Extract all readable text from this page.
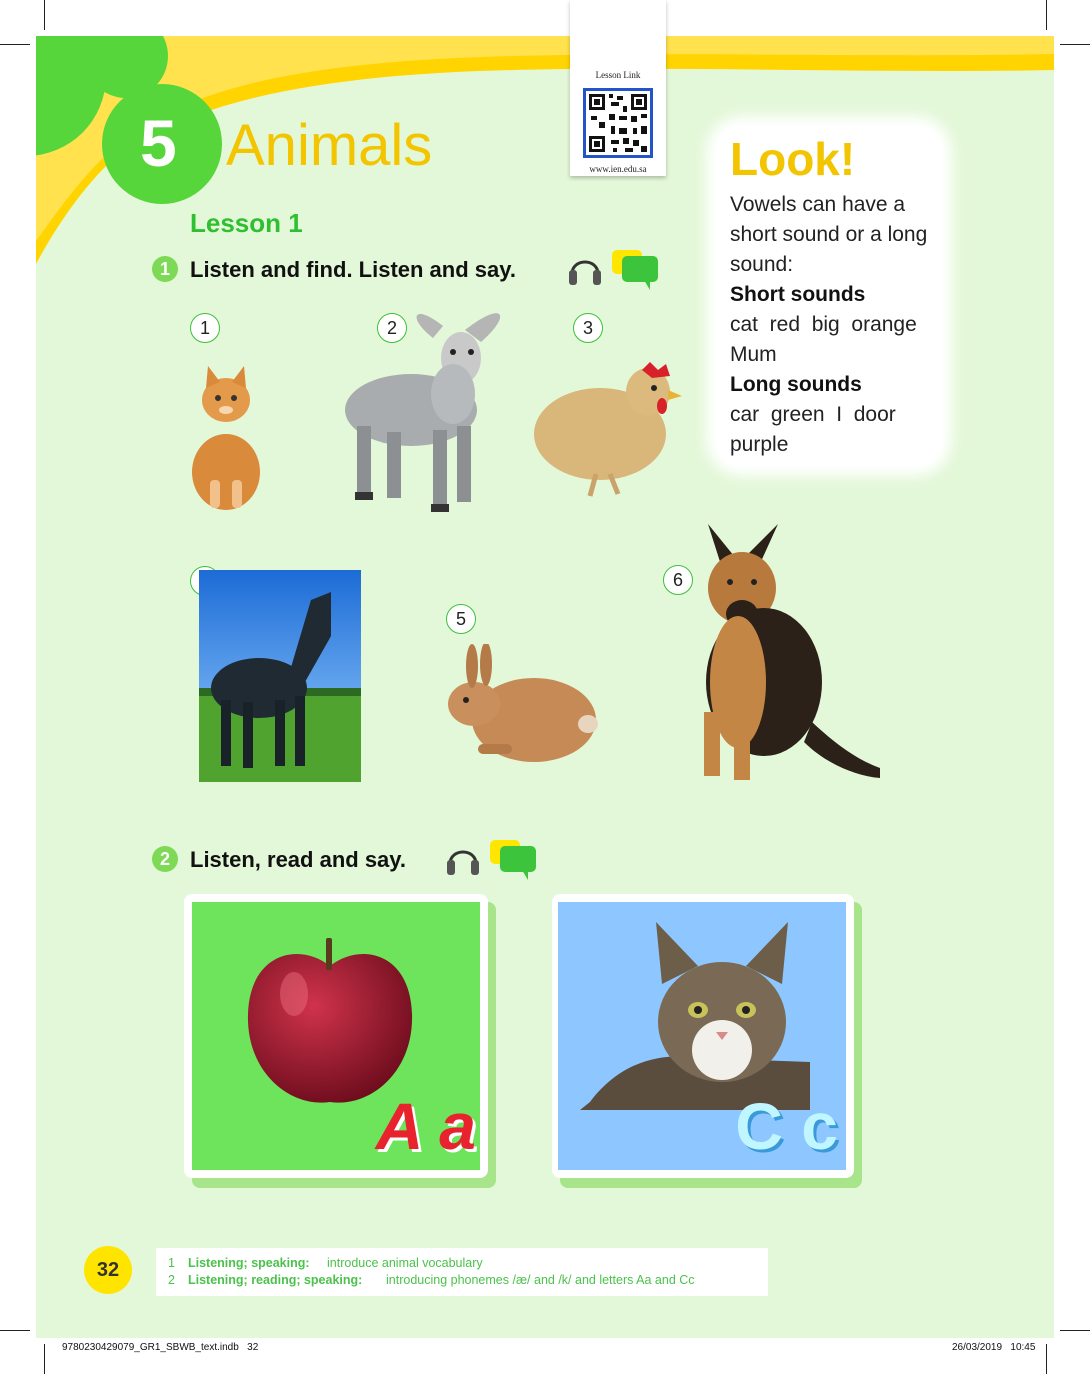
5 Animals
Lesson Link
www.ien.edu.sa
Lesson 1
1 Listen and find. Listen and say.
1	2	3
5
6
Look!
Vowels can have a
short sound or a long
sound:
Short sounds
cat  red  big  orange
Mum
Long sounds
car  green  I  door
purple
2 Listen, read and say.
A a	C c
32	1 Listening; speaking: introduce animal vocabulary
2 Listening; reading; speaking: introducing phonemes /æ/ and /k/ and letters Aa and Cc
9780230429079_GR1_SBWB_text.indb   32	26/03/2019   10:45
